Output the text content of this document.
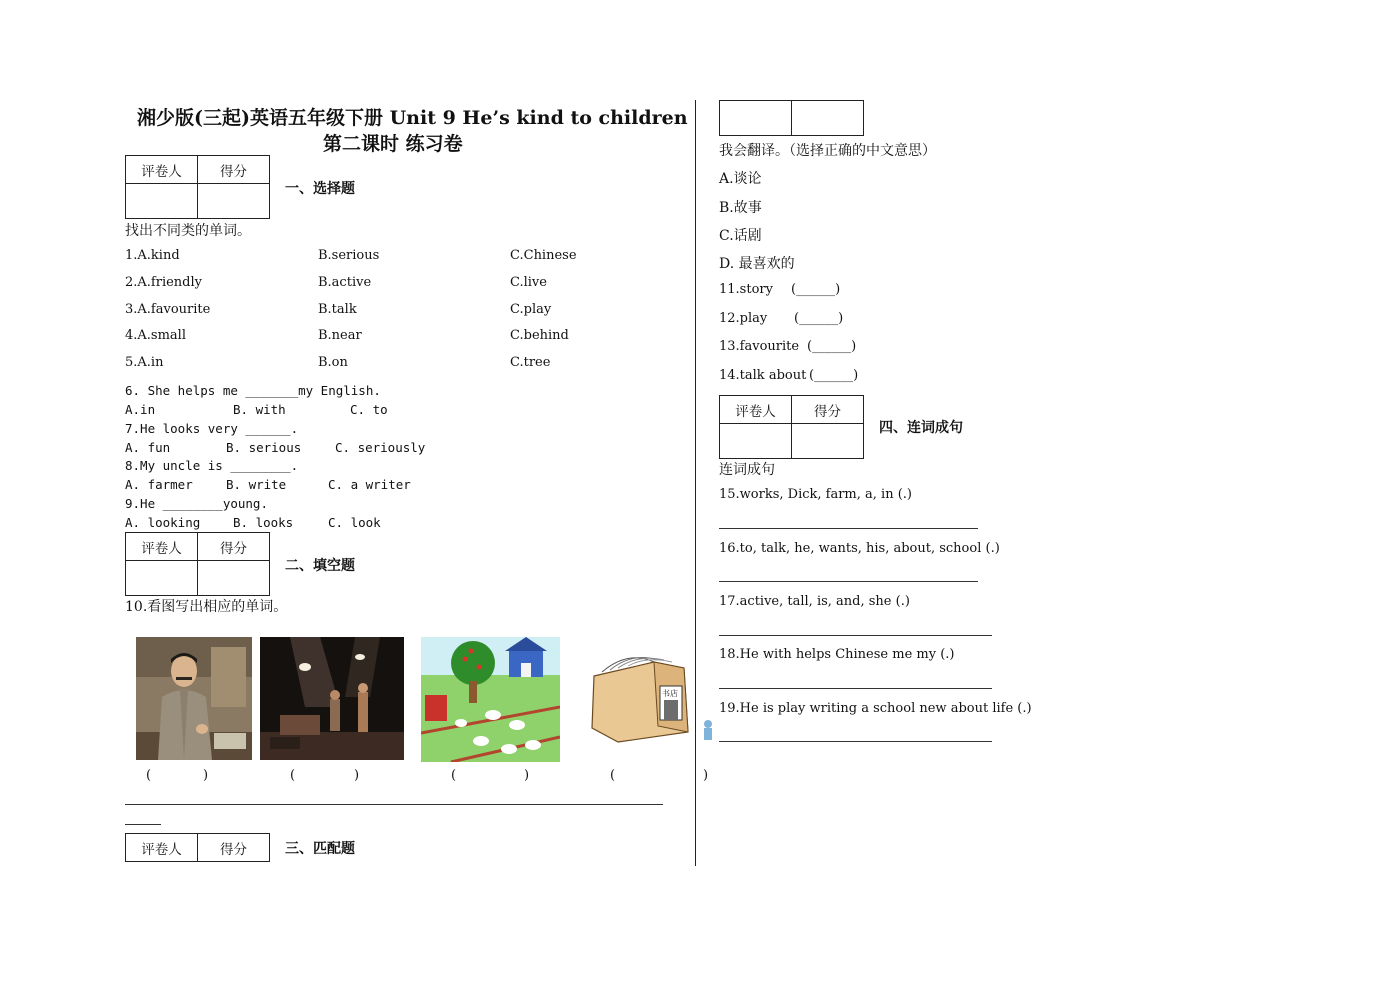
湘少版(三起)英语五年级下册 Unit 9 He’s kind to children
第二课时 练习卷
评卷人	得分

一、选择题
找出不同类的单词。
1.A.kind	B.serious	C.Chinese
2.A.friendly	B.active	C.live
3.A.favourite	B.talk	C.play
4.A.small	B.near	C.behind
5.A.in	B.on	C.tree
6. She helps me _______my English.
A.in	B. with	C. to
7.He looks very ______.
A. fun	B. serious	C. seriously
8.My uncle is ________.
A. farmer	B. write	C. a writer
9.He ________young.
A. looking	B. looks	C. look
评卷人	得分

二、填空题
10.看图写出相应的单词。
书店
(	)	(	)	(	)	(	)
评卷人	得分	三、匹配题

我会翻译。（选择正确的中文意思）
A.谈论
B.故事
C.话剧
D. 最喜欢的
11.story (______)
12.play (______)
13.favourite (______)
14.talk about (______)
评卷人	得分

四、连词成句
连词成句
15.works, Dick, farm, a, in (.)
16.to, talk, he, wants, his, about, school (.)
17.active, tall, is, and, she (.)
18.He with helps Chinese me my (.)
19.He is play writing a school new about life (.)
